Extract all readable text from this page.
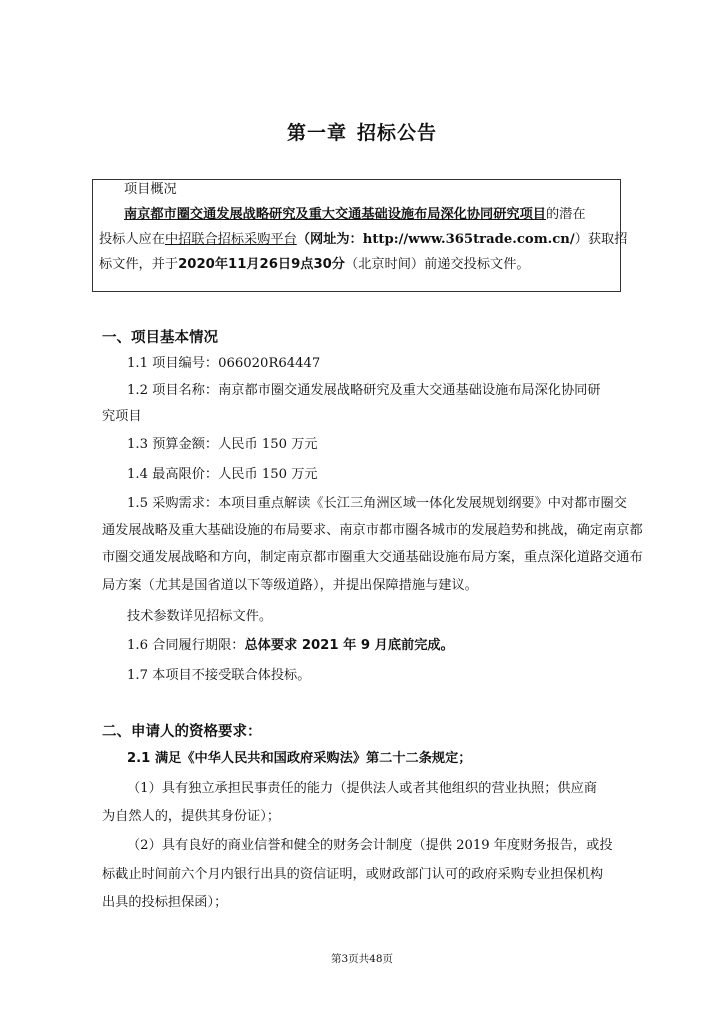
第一章 招标公告
项目概况
南京都市圈交通发展战略研究及重大交通基础设施布局深化协同研究项目的潜在
投标人应在中招联合招标采购平台（网址为：http://www.365trade.com.cn/）获取招
标文件，并于2020年11月26日9点30分（北京时间）前递交投标文件。
一、项目基本情况
1.1 项目编号：066020R64447
1.2 项目名称：南京都市圈交通发展战略研究及重大交通基础设施布局深化协同研
究项目
1.3 预算金额：人民币 150 万元
1.4 最高限价：人民币 150 万元
1.5 采购需求：本项目重点解读《长江三角洲区域一体化发展规划纲要》中对都市圈交
通发展战略及重大基础设施的布局要求、南京市都市圈各城市的发展趋势和挑战，确定南京都
市圈交通发展战略和方向，制定南京都市圈重大交通基础设施布局方案，重点深化道路交通布
局方案（尤其是国省道以下等级道路），并提出保障措施与建议。
技术参数详见招标文件。
1.6 合同履行期限：总体要求 2021 年 9 月底前完成。
1.7 本项目不接受联合体投标。
二、申请人的资格要求：
2.1 满足《中华人民共和国政府采购法》第二十二条规定；
（1）具有独立承担民事责任的能力（提供法人或者其他组织的营业执照；供应商
为自然人的，提供其身份证）；
（2）具有良好的商业信誉和健全的财务会计制度（提供 2019 年度财务报告，或投
标截止时间前六个月内银行出具的资信证明，或财政部门认可的政府采购专业担保机构
出具的投标担保函）；
第3页共48页
